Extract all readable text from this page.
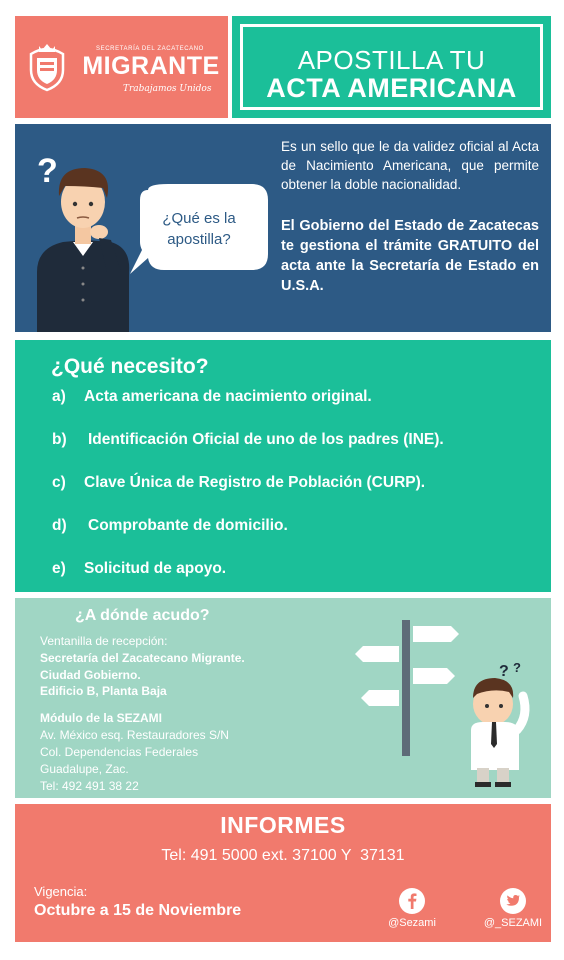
SECRETARÍA DEL ZACATECANO
MIGRANTE
Trabajamos Unidos
APOSTILLA TU
ACTA AMERICANA
?
¿Qué es la apostilla?
Es un sello que le da validez oficial al Acta de Nacimiento Americana, que permite obtener la doble nacionalidad.
El Gobierno del Estado de Zacatecas te gestiona el trámite GRATUITO del acta ante la Secretaría de Estado en U.S.A.
¿Qué necesito?
a) Acta americana de nacimiento original.
b) Identificación Oficial de uno de los padres (INE).
c) Clave Única de Registro de Población (CURP).
d) Comprobante de domicilio.
e) Solicitud de apoyo.
¿A dónde acudo?
Ventanilla de recepción:
Secretaría del Zacatecano Migrante.
Ciudad Gobierno.
Edificio B, Planta Baja
Módulo de la SEZAMI
Av. México esq. Restauradores S/N
Col. Dependencias Federales
Guadalupe, Zac.
Tel: 492 491 38 22
? ?
INFORMES
Tel: 491 5000 ext. 37100 Y  37131
Vigencia:
Octubre a 15 de Noviembre
@Sezami	@_SEZAMI
